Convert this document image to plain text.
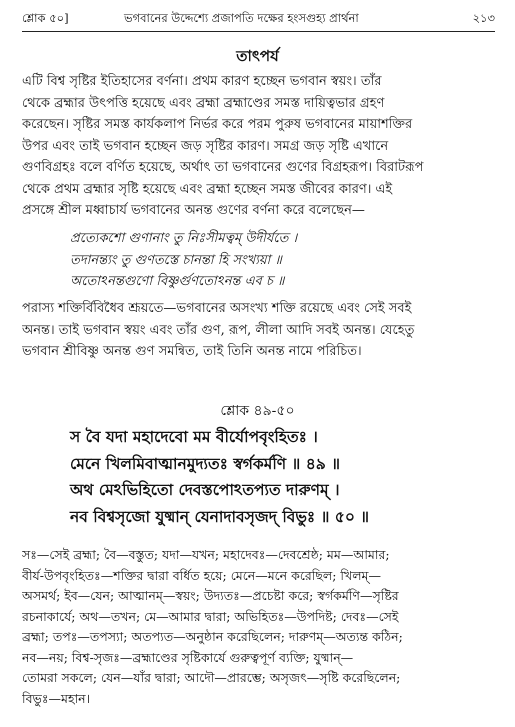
শ্লোক ৫০]	ভগবানের উদ্দেশ্যে প্রজাপতি দক্ষের হংসগুহ্য প্রার্থনা	২১৩
তাৎপর্য
এটি বিশ্ব সৃষ্টির ইতিহাসের বর্ণনা। প্রথম কারণ হচ্ছেন ভগবান স্বয়ং। তাঁর
থেকে ব্রহ্মার উৎপত্তি হয়েছে এবং ব্রহ্মা ব্রহ্মাণ্ডের সমস্ত দায়িত্বভার গ্রহণ
করেছেন। সৃষ্টির সমস্ত কার্যকলাপ নির্ভর করে পরম পুরুষ ভগবানের মায়াশক্তির
উপর এবং তাই ভগবান হচ্ছেন জড় সৃষ্টির কারণ। সমগ্র জড় সৃষ্টি এখানে
গুণবিগ্রহঃ বলে বর্ণিত হয়েছে, অর্থাৎ তা ভগবানের গুণের বিগ্রহরূপ। বিরাটরূপ
থেকে প্রথম ব্রহ্মার সৃষ্টি হয়েছে এবং ব্রহ্মা হচ্ছেন সমস্ত জীবের কারণ। এই
প্রসঙ্গে শ্রীল মধ্বাচার্য ভগবানের অনন্ত গুণের বর্ণনা করে বলেছেন—
প্রত্যেকশো গুণানাং তু নিঃসীমত্বম্ উদীর্যতে ।
তদানন্ত্যং তু গুণতস্তে চানন্তা হি সংখ্যয়া ॥
অতোঽনন্তগুণো বিষ্ণুর্গুণতোঽনন্ত এব চ ॥
পরাস্য শক্তির্বিবিধৈব শ্রূয়তে—ভগবানের অসংখ্য শক্তি রয়েছে এবং সেই সবই
অনন্ত। তাই ভগবান স্বয়ং এবং তাঁর গুণ, রূপ, লীলা আদি সবই অনন্ত। যেহেতু
ভগবান শ্রীবিষ্ণু অনন্ত গুণ সমন্বিত, তাই তিনি অনন্ত নামে পরিচিত।
শ্লোক ৪৯-৫০
স বৈ যদা মহাদেবো মম বীর্যোপবৃংহিতঃ ।
মেনে খিলমিবাত্মানমুদ্যতঃ স্বর্গকর্মণি ॥ ৪৯ ॥
অথ মেঽভিহিতো দেবস্তপোঽতপ্যত দারুণম্ ।
নব বিশ্বসৃজো যুষ্মান্ যেনাদাবসৃজদ্ বিভুঃ ॥ ৫০ ॥
সঃ—সেই ব্রহ্মা; বৈ—বস্তুত; যদা—যখন; মহাদেবঃ—দেবশ্রেষ্ঠ; মম—আমার;
বীর্য-উপবৃংহিতঃ—শক্তির দ্বারা বর্ধিত হয়ে; মেনে—মনে করেছিল; খিলম্—
অসমর্থ; ইব—যেন; আত্মানম্—স্বয়ং; উদ্যতঃ—প্রচেষ্টা করে; স্বর্গকর্মণি—সৃষ্টির
রচনাকার্যে; অথ—তখন; মে—আমার দ্বারা; অভিহিতঃ—উপদিষ্ট; দেবঃ—সেই
ব্রহ্মা; তপঃ—তপস্যা; অতপ্যত—অনুষ্ঠান করেছিলেন; দারুণম্—অত্যন্ত কঠিন;
নব—নয়; বিশ্ব-সৃজঃ—ব্রহ্মাণ্ডের সৃষ্টিকার্যে গুরুত্বপূর্ণ ব্যক্তি; যুষ্মান্—
তোমরা সকলে; যেন—যাঁর দ্বারা; আদৌ—প্রারম্ভে; অসৃজৎ—সৃষ্টি করেছিলেন;
বিভুঃ—মহান।
